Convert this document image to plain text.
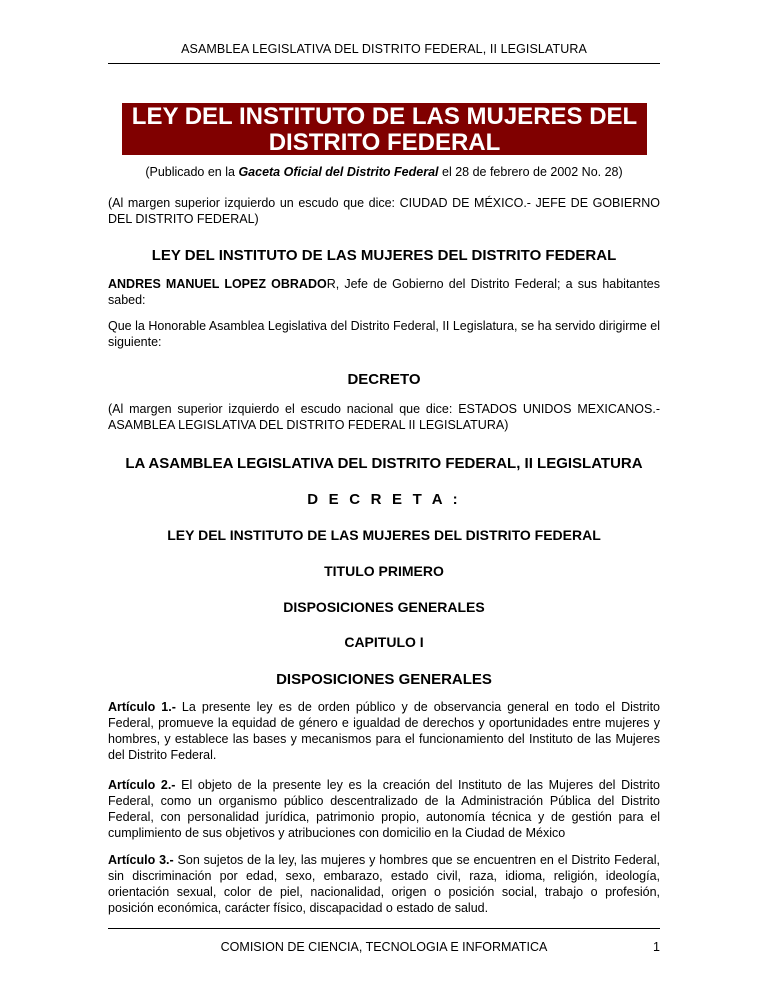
ASAMBLEA LEGISLATIVA DEL DISTRITO FEDERAL, II LEGISLATURA
LEY DEL INSTITUTO DE LAS MUJERES DEL
DISTRITO FEDERAL
(Publicado en la Gaceta Oficial del Distrito Federal el 28 de febrero de 2002 No. 28)
(Al margen superior izquierdo un escudo que dice: CIUDAD DE MÉXICO.- JEFE DE GOBIERNO DEL DISTRITO FEDERAL)
LEY DEL INSTITUTO DE LAS MUJERES DEL DISTRITO FEDERAL
ANDRES MANUEL LOPEZ OBRADOR, Jefe de Gobierno del Distrito Federal; a sus habitantes sabed:
Que la Honorable Asamblea Legislativa del Distrito Federal, II Legislatura, se ha servido dirigirme el siguiente:
DECRETO
(Al margen superior izquierdo el escudo nacional que dice: ESTADOS UNIDOS MEXICANOS.- ASAMBLEA LEGISLATIVA DEL DISTRITO FEDERAL II LEGISLATURA)
LA ASAMBLEA LEGISLATIVA DEL DISTRITO FEDERAL, II LEGISLATURA
D E C R E T A :
LEY DEL INSTITUTO DE LAS MUJERES DEL DISTRITO FEDERAL
TITULO PRIMERO
DISPOSICIONES GENERALES
CAPITULO I
DISPOSICIONES GENERALES
Artículo 1.- La presente ley es de orden público y de observancia general en todo el Distrito Federal, promueve la equidad de género e igualdad de derechos y oportunidades entre mujeres y hombres, y establece las bases y mecanismos para el funcionamiento del Instituto de las Mujeres del Distrito Federal.
Artículo 2.- El objeto de la presente ley es la creación del Instituto de las Mujeres del Distrito Federal, como un organismo público descentralizado de la Administración Pública del Distrito Federal, con personalidad jurídica, patrimonio propio, autonomía técnica y de gestión para el cumplimiento de sus objetivos y atribuciones con domicilio en la Ciudad de México
Artículo 3.- Son sujetos de la ley, las mujeres y hombres que se encuentren en el Distrito Federal, sin discriminación por edad, sexo, embarazo, estado civil, raza, idioma, religión, ideología, orientación sexual, color de piel, nacionalidad, origen o posición social, trabajo o profesión, posición económica, carácter físico, discapacidad o estado de salud.
COMISION DE CIENCIA, TECNOLOGIA E INFORMATICA	1
